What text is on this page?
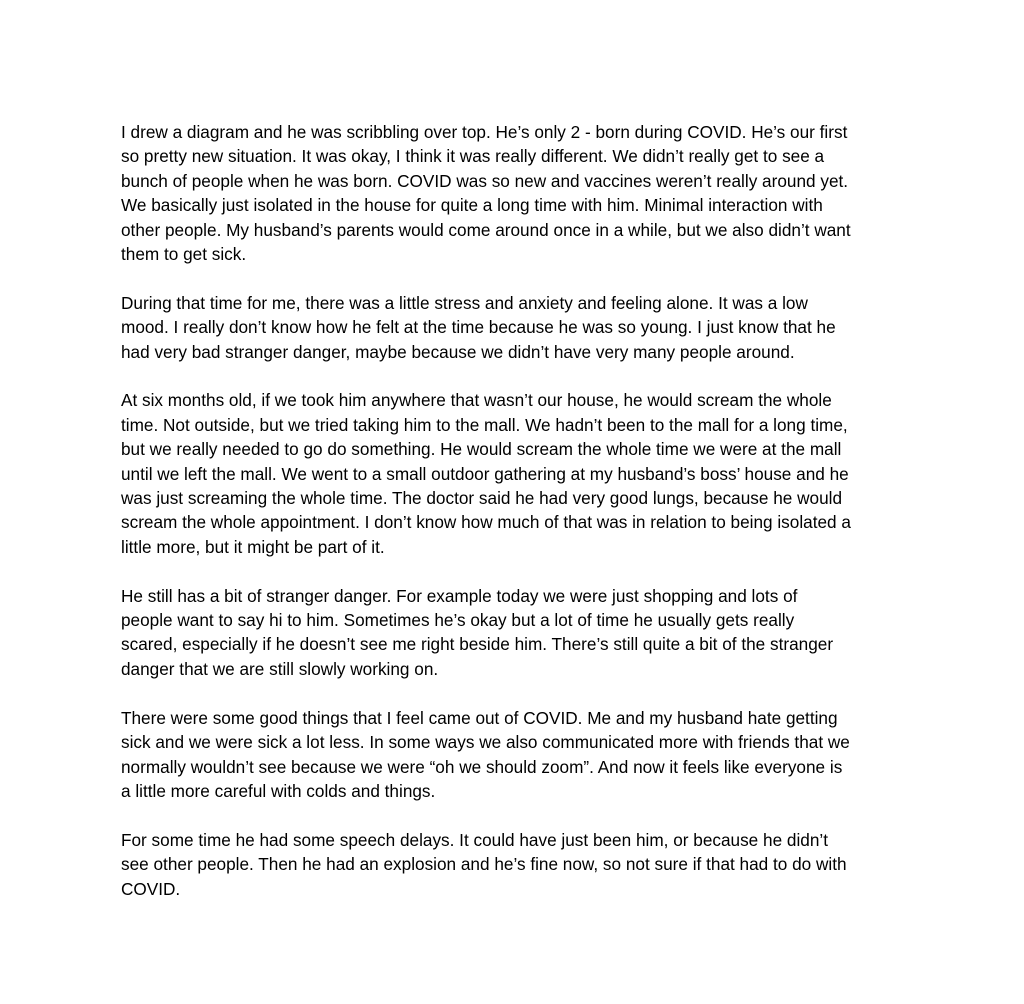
I drew a diagram and he was scribbling over top. He’s only 2 - born during COVID. He’s our first
so pretty new situation. It was okay, I think it was really different. We didn’t really get to see a
bunch of people when he was born. COVID was so new and vaccines weren’t really around yet.
We basically just isolated in the house for quite a long time with him. Minimal interaction with
other people. My husband’s parents would come around once in a while, but we also didn’t want
them to get sick.

During that time for me, there was a little stress and anxiety and feeling alone. It was a low
mood. I really don’t know how he felt at the time because he was so young. I just know that he
had very bad stranger danger, maybe because we didn’t have very many people around.

At six months old, if we took him anywhere that wasn’t our house, he would scream the whole
time. Not outside, but we tried taking him to the mall. We hadn’t been to the mall for a long time,
but we really needed to go do something. He would scream the whole time we were at the mall
until we left the mall. We went to a small outdoor gathering at my husband’s boss’ house and he
was just screaming the whole time. The doctor said he had very good lungs, because he would
scream the whole appointment. I don’t know how much of that was in relation to being isolated a
little more, but it might be part of it.

He still has a bit of stranger danger. For example today we were just shopping and lots of
people want to say hi to him. Sometimes he’s okay but a lot of time he usually gets really
scared, especially if he doesn’t see me right beside him. There’s still quite a bit of the stranger
danger that we are still slowly working on.

There were some good things that I feel came out of COVID. Me and my husband hate getting
sick and we were sick a lot less. In some ways we also communicated more with friends that we
normally wouldn’t see because we were “oh we should zoom”. And now it feels like everyone is
a little more careful with colds and things.

For some time he had some speech delays. It could have just been him, or because he didn’t
see other people. Then he had an explosion and he’s fine now, so not sure if that had to do with
COVID.
